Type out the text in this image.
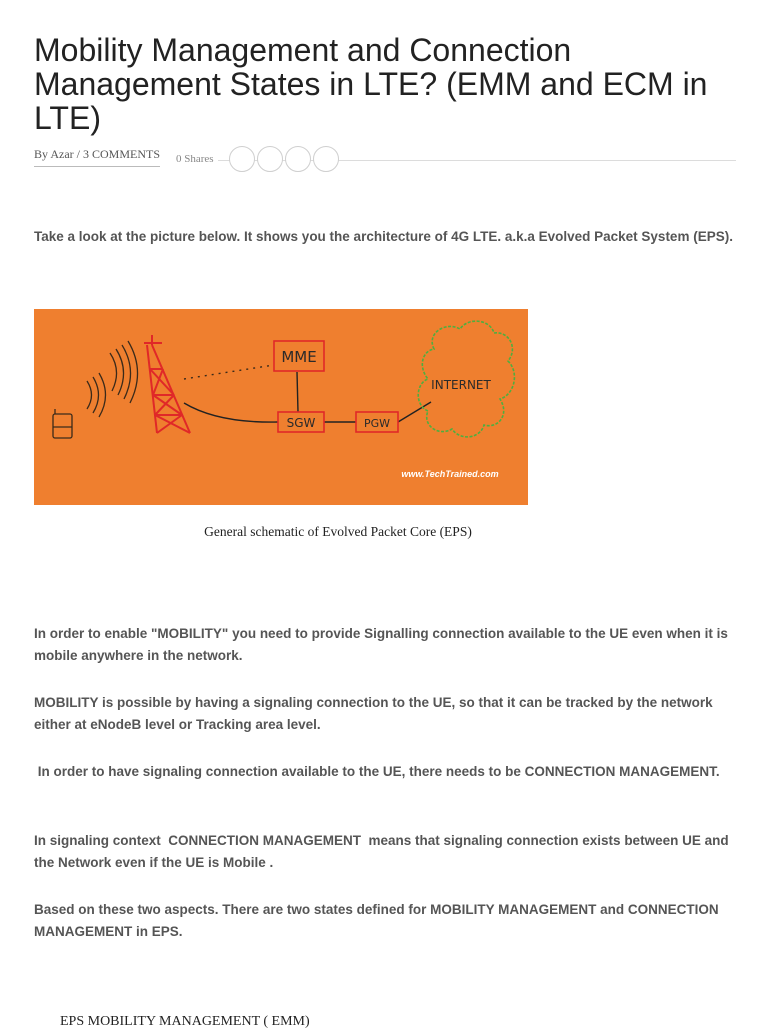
Mobility Management and Connection Management States in LTE? (EMM and ECM in LTE)
By Azar / 3 COMMENTS 0 Shares

Take a look at the picture below. It shows you the architecture of 4G LTE. a.k.a Evolved Packet System (EPS).

MME
SGW	PGW
INTERNET
www.TechTrained.com

General schematic of Evolved Packet Core (EPS)

In order to enable "MOBILITY" you need to provide Signalling connection available to the UE even when it is mobile anywhere in the network.

MOBILITY is possible by having a signaling connection to the UE, so that it can be tracked by the network either at eNodeB level or Tracking area level.

In order to have signaling connection available to the UE, there needs to be CONNECTION MANAGEMENT.

In signaling context  CONNECTION MANAGEMENT  means that signaling connection exists between UE and the Network even if the UE is Mobile .

Based on these two aspects. There are two states defined for MOBILITY MANAGEMENT and CONNECTION MANAGEMENT in EPS.

EPS MOBILITY MANAGEMENT ( EMM)
